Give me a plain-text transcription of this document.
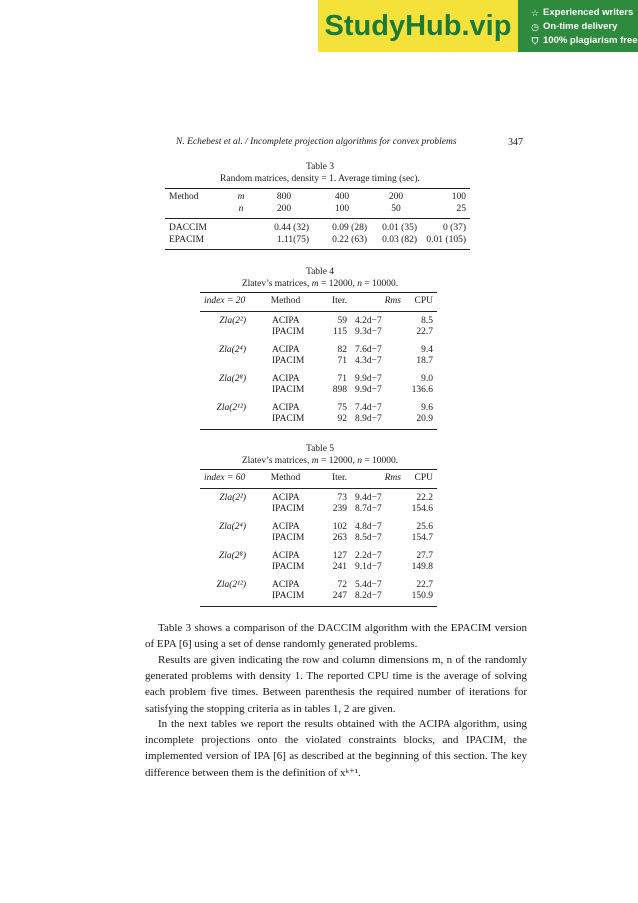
StudyHub.vip	☆ Experienced writers
◷ On-time delivery
⛉ 100% plagiarism free
N. Echebest et al. / Incomplete projection algorithms for convex problems	347
Table 3
Random matrices, density = 1. Average timing (sec).
Method	m	800	400	200	100
	n	200	100	50	25
DACCIM		0.44 (32)	0.09 (28)	0.01 (35)	0 (37)
EPACIM		1.11(75)	0.22 (63)	0.03 (82)	0.01 (105)
Table 4
Zlatev’s matrices, m = 12000, n = 10000.
index = 20	Method	Iter.	Rms	CPU
Zla(2²)	ACIPA	59	4.2d−7	8.5
	IPACIM	115	9.3d−7	22.7
Zla(2⁴)	ACIPA	82	7.6d−7	9.4
	IPACIM	71	4.3d−7	18.7
Zla(2⁸)	ACIPA	71	9.9d−7	9.0
	IPACIM	898	9.9d−7	136.6
Zla(2¹²)	ACIPA	75	7.4d−7	9.6
	IPACIM	92	8.9d−7	20.9
Table 5
Zlatev’s matrices, m = 12000, n = 10000.
index = 60	Method	Iter.	Rms	CPU
Zla(2²)	ACIPA	73	9.4d−7	22.2
	IPACIM	239	8.7d−7	154.6
Zla(2⁴)	ACIPA	102	4.8d−7	25.6
	IPACIM	263	8.5d−7	154.7
Zla(2⁸)	ACIPA	127	2.2d−7	27.7
	IPACIM	241	9.1d−7	149.8
Zla(2¹²)	ACIPA	72	5.4d−7	22.7
	IPACIM	247	8.2d−7	150.9
Table 3 shows a comparison of the DACCIM algorithm with the EPACIM version of EPA [6] using a set of dense randomly generated problems.
Results are given indicating the row and column dimensions m, n of the randomly generated problems with density 1. The reported CPU time is the average of solving each problem five times. Between parenthesis the required number of iterations for satisfying the stopping criteria as in tables 1, 2 are given.
In the next tables we report the results obtained with the ACIPA algorithm, using incomplete projections onto the violated constraints blocks, and IPACIM, the implemented version of IPA [6] as described at the beginning of this section. The key difference between them is the definition of xᵏ⁺¹.
